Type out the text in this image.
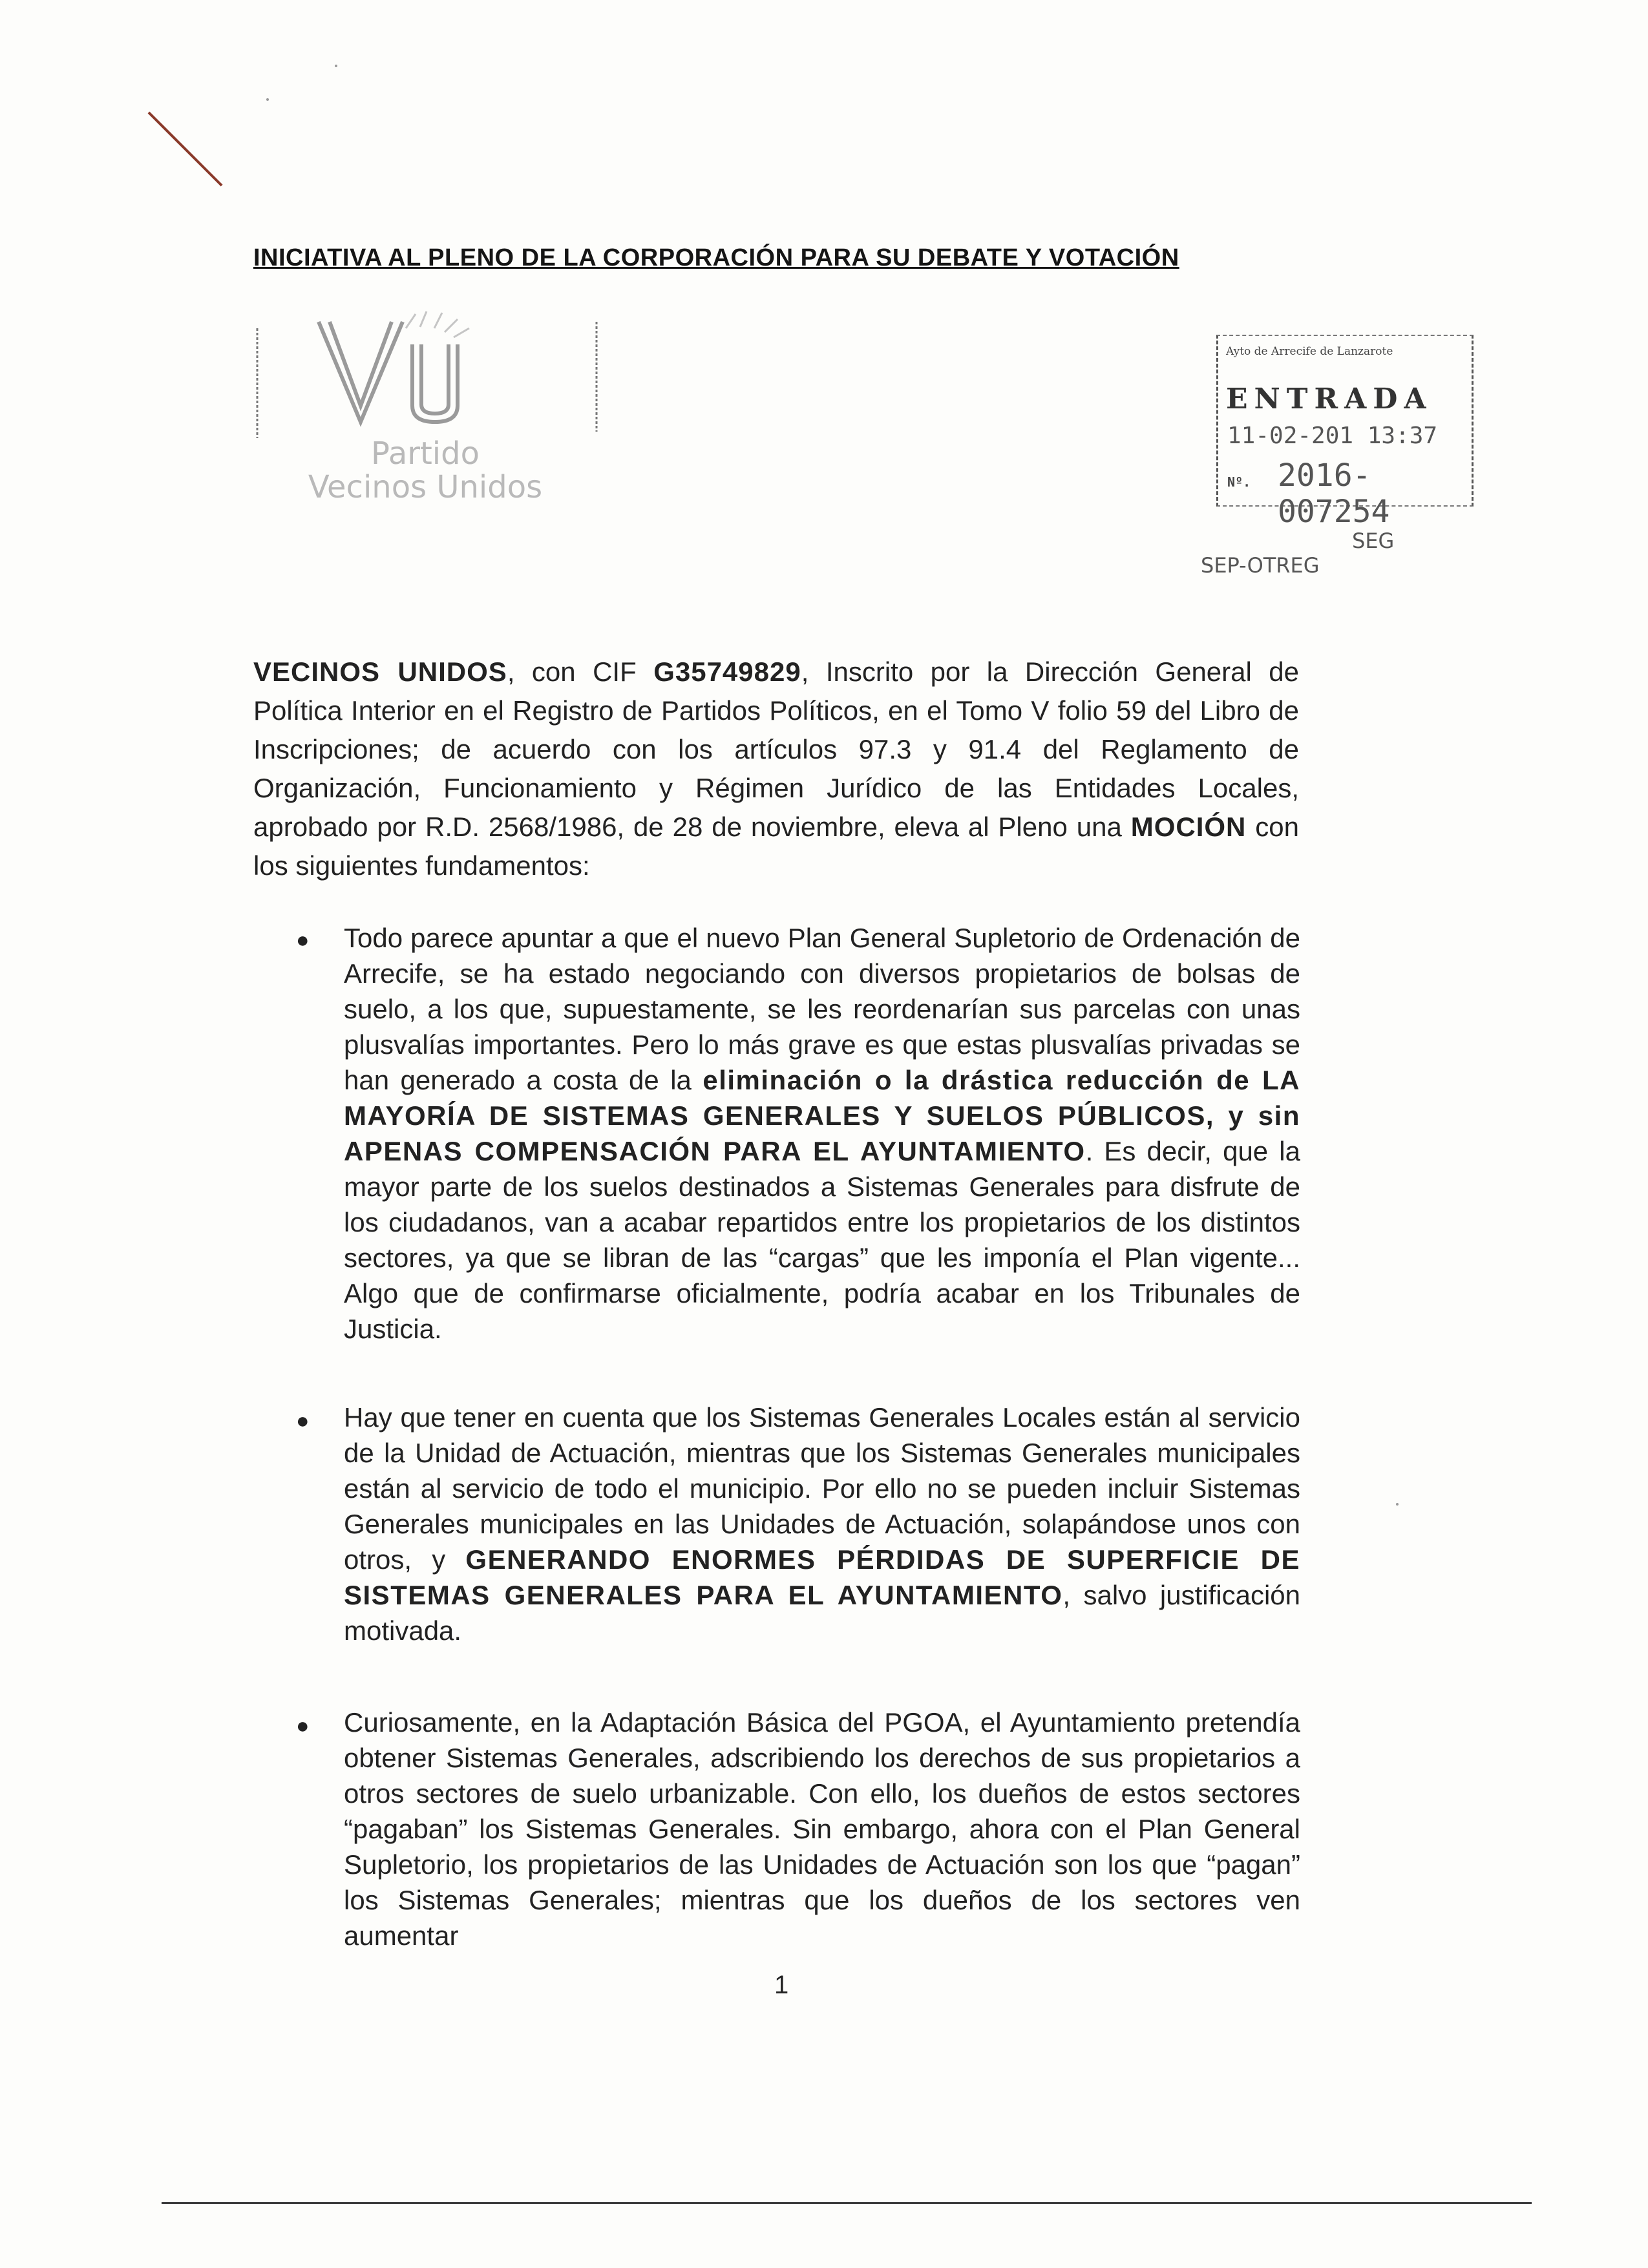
INICIATIVA AL PLENO DE LA CORPORACIÓN PARA SU DEBATE Y VOTACIÓN
Partido
Vecinos Unidos
Ayto de Arrecife de Lanzarote
ENTRADA
11-02-201 13:37
Nº. 2016-007254
SEG
SEP-OTREG
VECINOS UNIDOS, con CIF G35749829, Inscrito por la Dirección General de Política Interior en el Registro de Partidos Políticos, en el Tomo V folio 59 del Libro de Inscripciones; de acuerdo con los artículos 97.3 y 91.4 del Reglamento de Organización, Funcionamiento y Régimen Jurídico de las Entidades Locales, aprobado por R.D. 2568/1986, de 28 de noviembre, eleva al Pleno una MOCIÓN con los siguientes fundamentos:
● Todo parece apuntar a que el nuevo Plan General Supletorio de Ordenación de Arrecife, se ha estado negociando con diversos propietarios de bolsas de suelo, a los que, supuestamente, se les reordenarían sus parcelas con unas plusvalías importantes. Pero lo más grave es que estas plusvalías privadas se han generado a costa de la eliminación o la drástica reducción de LA MAYORÍA DE SISTEMAS GENERALES Y SUELOS PÚBLICOS, y sin APENAS COMPENSACIÓN PARA EL AYUNTAMIENTO. Es decir, que la mayor parte de los suelos destinados a Sistemas Generales para disfrute de los ciudadanos, van a acabar repartidos entre los propietarios de los distintos sectores, ya que se libran de las “cargas” que les imponía el Plan vigente... Algo que de confirmarse oficialmente, podría acabar en los Tribunales de Justicia.
● Hay que tener en cuenta que los Sistemas Generales Locales están al servicio de la Unidad de Actuación, mientras que los Sistemas Generales municipales están al servicio de todo el municipio. Por ello no se pueden incluir Sistemas Generales municipales en las Unidades de Actuación, solapándose unos con otros, y GENERANDO ENORMES PÉRDIDAS DE SUPERFICIE DE SISTEMAS GENERALES PARA EL AYUNTAMIENTO, salvo justificación motivada.
● Curiosamente, en la Adaptación Básica del PGOA, el Ayuntamiento pretendía obtener Sistemas Generales, adscribiendo los derechos de sus propietarios a otros sectores de suelo urbanizable. Con ello, los dueños de estos sectores “pagaban” los Sistemas Generales. Sin embargo, ahora con el Plan General Supletorio, los propietarios de las Unidades de Actuación son los que “pagan” los Sistemas Generales; mientras que los dueños de los sectores ven aumentar
1
